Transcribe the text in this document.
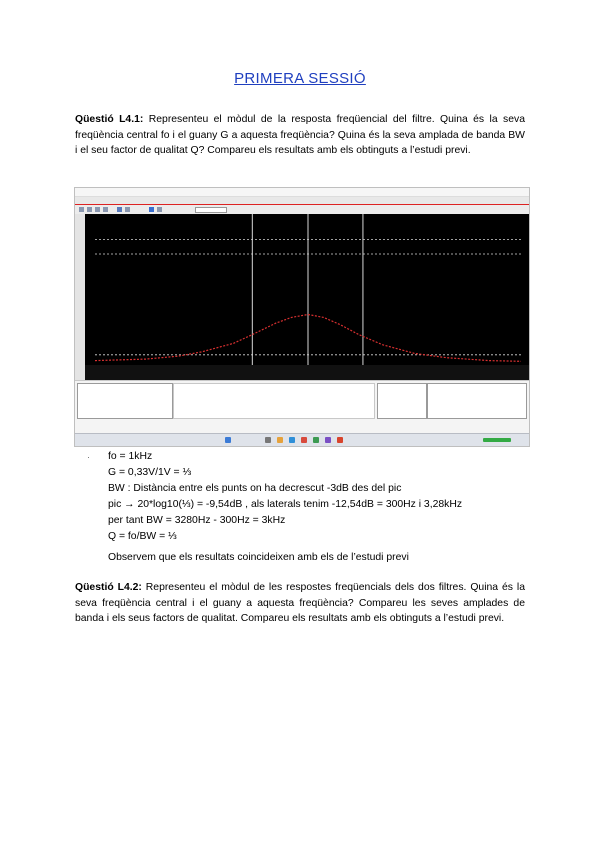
PRIMERA SESSIÓ
Qüestió L4.1: Representeu el mòdul de la resposta freqüencial del filtre. Quina és la seva freqüència central fo i el guany G a aquesta freqüència? Quina és la seva amplada de banda BW i el seu factor de qualitat Q? Compareu els resultats amb els obtinguts a l’estudi previ.
· fo = 1kHz
G = 0,33V/1V = ⅓
BW : Distància entre els punts on ha decrescut -3dB des del pic
pic → 20*log10(⅓) = -9,54dB , als laterals tenim -12,54dB = 300Hz i 3,28kHz
per tant BW = 3280Hz - 300Hz = 3kHz
Q = fo/BW = ⅓
Observem que els resultats coincideixen amb els de l’estudi previ
Qüestió L4.2: Representeu el mòdul de les respostes freqüencials dels dos filtres. Quina és la seva freqüència central i el guany a aquesta freqüència? Compareu les seves amplades de banda i els seus factors de qualitat. Compareu els resultats amb els obtinguts a l’estudi previ.
